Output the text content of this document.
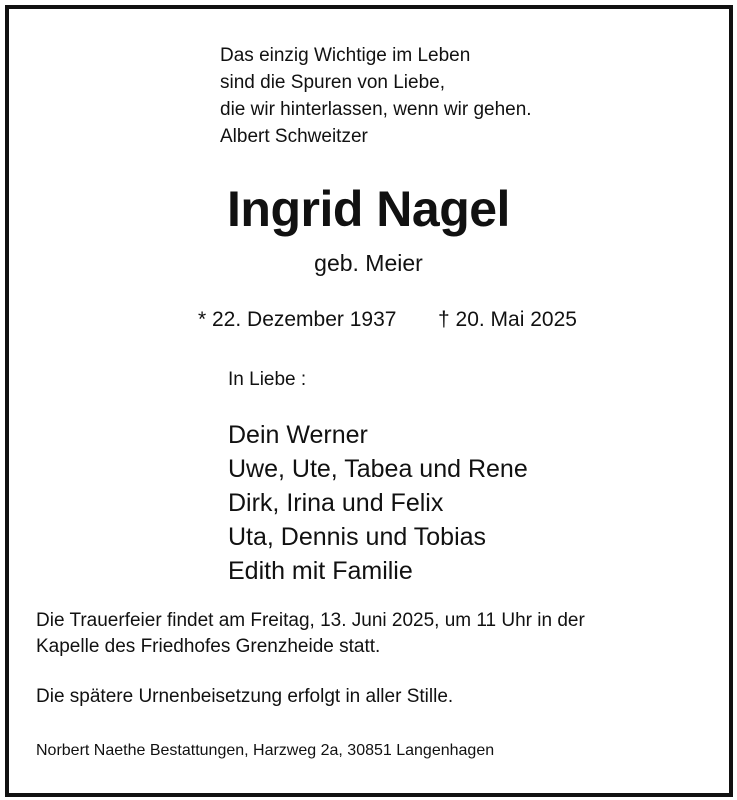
Das einzig Wichtige im Leben
sind die Spuren von Liebe,
die wir hinterlassen, wenn wir gehen.
Albert Schweitzer
Ingrid Nagel
geb. Meier
* 22. Dezember 1937 † 20. Mai 2025
In Liebe :
Dein Werner
Uwe, Ute, Tabea und Rene
Dirk, Irina und Felix
Uta, Dennis und Tobias
Edith mit Familie
Die Trauerfeier findet am Freitag, 13. Juni 2025, um 11 Uhr in der
Kapelle des Friedhofes Grenzheide statt.
Die spätere Urnenbeisetzung erfolgt in aller Stille.
Norbert Naethe Bestattungen, Harzweg 2a, 30851 Langenhagen
